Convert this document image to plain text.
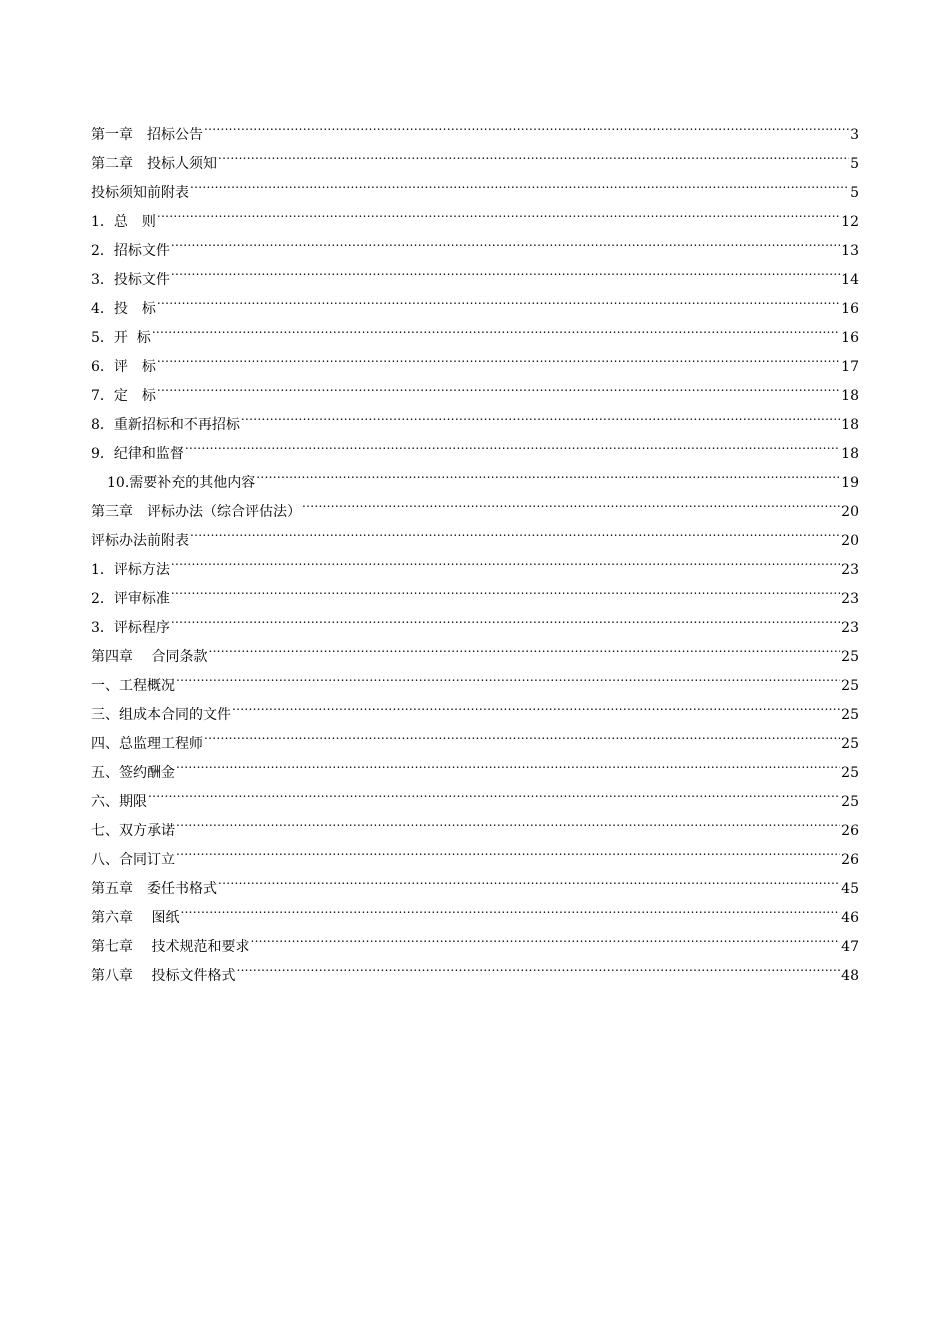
第一章　招标公告 .....	3
第二章　投标人须知 .....	5
投标须知前附表 .....	5
1．总　则 .....	12
2．招标文件 .....	13
3．投标文件 .....	14
4．投　标 .....	16
5．开  标 .....	16
6．评　标 .....	17
7．定　标 .....	18
8．重新招标和不再招标 .....	18
9．纪律和监督 .....	18
10.需要补充的其他内容 .....	19
第三章　评标办法（综合评估法） .....	20
评标办法前附表 .....	20
1．评标方法 .....	23
2．评审标准 .....	23
3．评标程序 .....	23
第四章　 合同条款 .....	25
一、工程概况 .....	25
三、组成本合同的文件 .....	25
四、总监理工程师 .....	25
五、签约酬金 .....	25
六、期限 .....	25
七、双方承诺 .....	26
八、合同订立 .....	26
第五章　委任书格式 .....	45
第六章　 图纸 .....	46
第七章　 技术规范和要求 .....	47
第八章　 投标文件格式 .....	48
